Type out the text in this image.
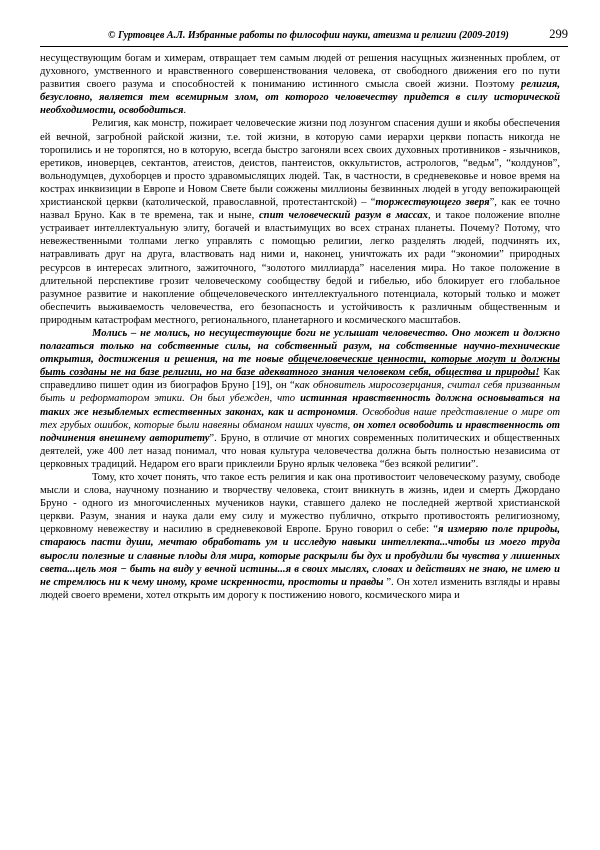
© Гуртовцев А.Л. Избранные работы по философии науки, атеизма и религии (2009-2019)	299

несуществующим богам и химерам, отвращает тем самым людей от решения насущных жизненных проблем, от духовного, умственного и нравственного совершенствования человека, от свободного движения его по пути развития своего разума и способностей к пониманию истинного смысла своей жизни. Поэтому религия, безусловно, является тем всемирным злом, от которого человечеству придется в силу исторической необходимости, освободиться.

Религия, как монстр, пожирает человеческие жизни под лозунгом спасения души и якобы обеспечения ей вечной, загробной райской жизни, т.е. той жизни, в которую сами иерархи церкви попасть никогда не торопились и не торопятся, но в которую, всегда быстро загоняли всех своих духовных противников - язычников, еретиков, иноверцев, сектантов, атеистов, деистов, пантеистов, оккультистов, астрологов, “ведьм”, “колдунов”, вольнодумцев, духоборцев и просто здравомыслящих людей. Так, в частности, в средневековье и новое время на кострах инквизиции в Европе и Новом Свете были сожжены миллионы безвинных людей в угоду вепожирающей христианской церкви (католической, православной, протестантской) – “торжествующего зверя”, как ее точно назвал Бруно. Как в те времена, так и ныне, спит человеческий разум в массах, и такое положение вполне устраивает интеллектуальную элиту, богачей и властьимущих во всех странах планеты. Почему? Потому, что невежественными толпами легко управлять с помощью религии, легко разделять людей, подчинять их, натравливать друг на друга, властвовать над ними и, наконец, уничтожать их ради “экономии” природных ресурсов в интересах элитного, зажиточного, “золотого миллиарда” населения мира. Но такое положение в длительной перспективе грозит человеческому сообществу бедой и гибелью, ибо блокирует его глобальное разумное развитие и накопление общечеловеческого интеллектуального потенциала, который только и может обеспечить выживаемость человечества, его безопасность и устойчивость к различным общественным и природным катастрофам местного, регионального, планетарного и космического масштабов.

Молись – не молись, но несуществующие боги не услышат человечество. Оно может и должно полагаться только на собственные силы, на собственный разум, на собственные научно-технические открытия, достижения и решения, на те новые общечеловеческие ценности, которые могут и должны быть созданы не на базе религии, но на базе адекватного знания человеком себя, общества и природы! Как справедливо пишет один из биографов Бруно [19], он “как обновитель миросозерцания, считал себя призванным быть и реформатором этики. Он был убежден, что истинная нравственность должна основываться на таких же незыблемых естественных законах, как и астрономия. Освободив наше представление о мире от тех грубых ошибок, которые были навеяны обманом наших чувств, он хотел освободить и нравственность от подчинения внешнему авторитету”. Бруно, в отличие от многих современных политических и общественных деятелей, уже 400 лет назад понимал, что новая культура человечества должна быть полностью независима от церковных традиций. Недаром его враги приклеили Бруно ярлык человека “без всякой религии”.

Тому, кто хочет понять, что такое есть религия и как она противостоит человеческому разуму, свободе мысли и слова, научному познанию и творчеству человека, стоит вникнуть в жизнь, идеи и смерть Джордано Бруно - одного из многочисленных мучеников науки, ставшего далеко не последней жертвой христианской церкви. Разум, знания и наука дали ему силу и мужество публично, открыто противостоять религиозному, церковному невежеству и насилию в средневековой Европе. Бруно говорил о себе: “я измеряю поле природы, стараюсь пасти души, мечтаю обработать ум и исследую навыки интеллекта...чтобы из моего труда выросли полезные и славные плоды для мира, которые раскрыли бы дух и пробудили бы чувства у лишенных света...цель моя − быть на виду у вечной истины...я в своих мыслях, словах и действиях не знаю, не имею и не стремлюсь ни к чему иному, кроме искренности, простоты и правды ”. Он хотел изменить взгляды и нравы людей своего времени, хотел открыть им дорогу к постижению нового, космического мира и
